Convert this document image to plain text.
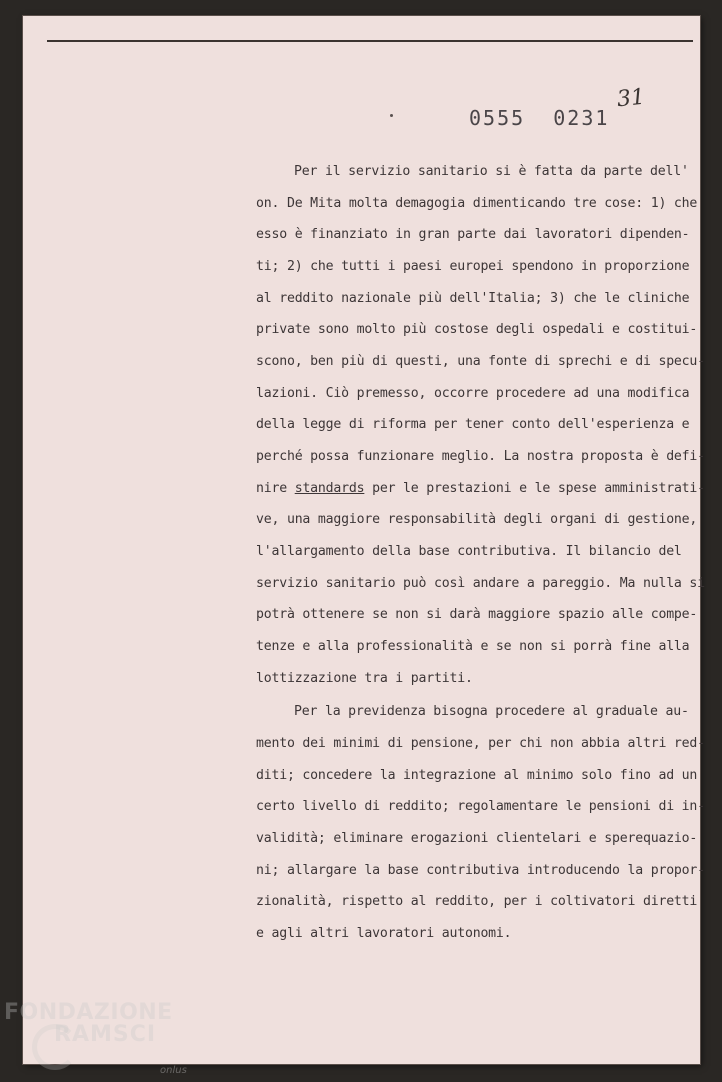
0555  0231
31
Per il servizio sanitario si è fatta da parte dell'
on. De Mita molta demagogia dimenticando tre cose: 1) che
esso è finanziato in gran parte dai lavoratori dipenden-
ti; 2) che tutti i paesi europei spendono in proporzione
al reddito nazionale più dell'Italia; 3) che le cliniche
private sono molto più costose degli ospedali e costitui-
scono, ben più di questi, una fonte di sprechi e di specu-
lazioni. Ciò premesso, occorre procedere ad una modifica
della legge di riforma per tener conto dell'esperienza e
perché possa funzionare meglio. La nostra proposta è defi-
nire standards per le prestazioni e le spese amministrati-
ve, una maggiore responsabilità degli organi di gestione,
l'allargamento della base contributiva. Il bilancio del
servizio sanitario può così andare a pareggio. Ma nulla si
potrà ottenere se non si darà maggiore spazio alle compe-
tenze e alla professionalità e se non si porrà fine alla
lottizzazione tra i partiti.
Per la previdenza bisogna procedere al graduale au-
mento dei minimi di pensione, per chi non abbia altri red-
diti; concedere la integrazione al minimo solo fino ad un
certo livello di reddito; regolamentare le pensioni di in-
validità; eliminare erogazioni clientelari e sperequazio-
ni; allargare la base contributiva introducendo la propor-
zionalità, rispetto al reddito, per i coltivatori diretti
e agli altri lavoratori autonomi.
FONDAZIONE
RAMSCI
onlus
